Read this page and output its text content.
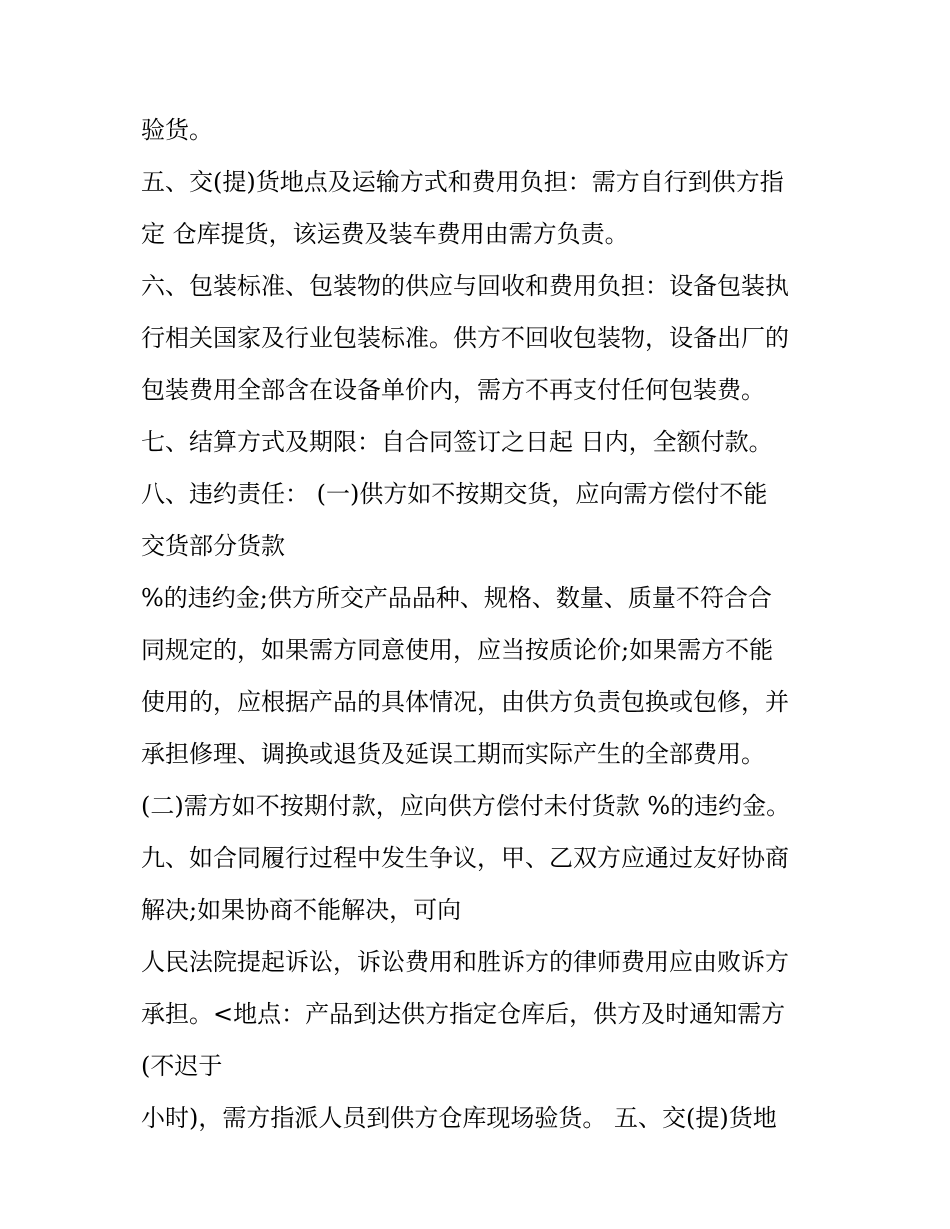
验货。
五、交(提)货地点及运输方式和费用负担：需方自行到供方指
定 仓库提货，该运费及装车费用由需方负责。
六、包装标准、包装物的供应与回收和费用负担：设备包装执
行相关国家及行业包装标准。供方不回收包装物，设备出厂的
包装费用全部含在设备单价内，需方不再支付任何包装费。
七、结算方式及期限：自合同签订之日起 日内，全额付款。
八、违约责任： (一)供方如不按期交货，应向需方偿付不能
交货部分货款
%的违约金;供方所交产品品种、规格、数量、质量不符合合
同规定的，如果需方同意使用，应当按质论价;如果需方不能
使用的，应根据产品的具体情况，由供方负责包换或包修，并
承担修理、调换或退货及延误工期而实际产生的全部费用。
(二)需方如不按期付款，应向供方偿付未付货款 %的违约金。
九、如合同履行过程中发生争议，甲、乙双方应通过友好协商
解决;如果协商不能解决，可向
人民法院提起诉讼，诉讼费用和胜诉方的律师费用应由败诉方
承担。<地点：产品到达供方指定仓库后，供方及时通知需方
(不迟于
小时)，需方指派人员到供方仓库现场验货。 五、交(提)货地
